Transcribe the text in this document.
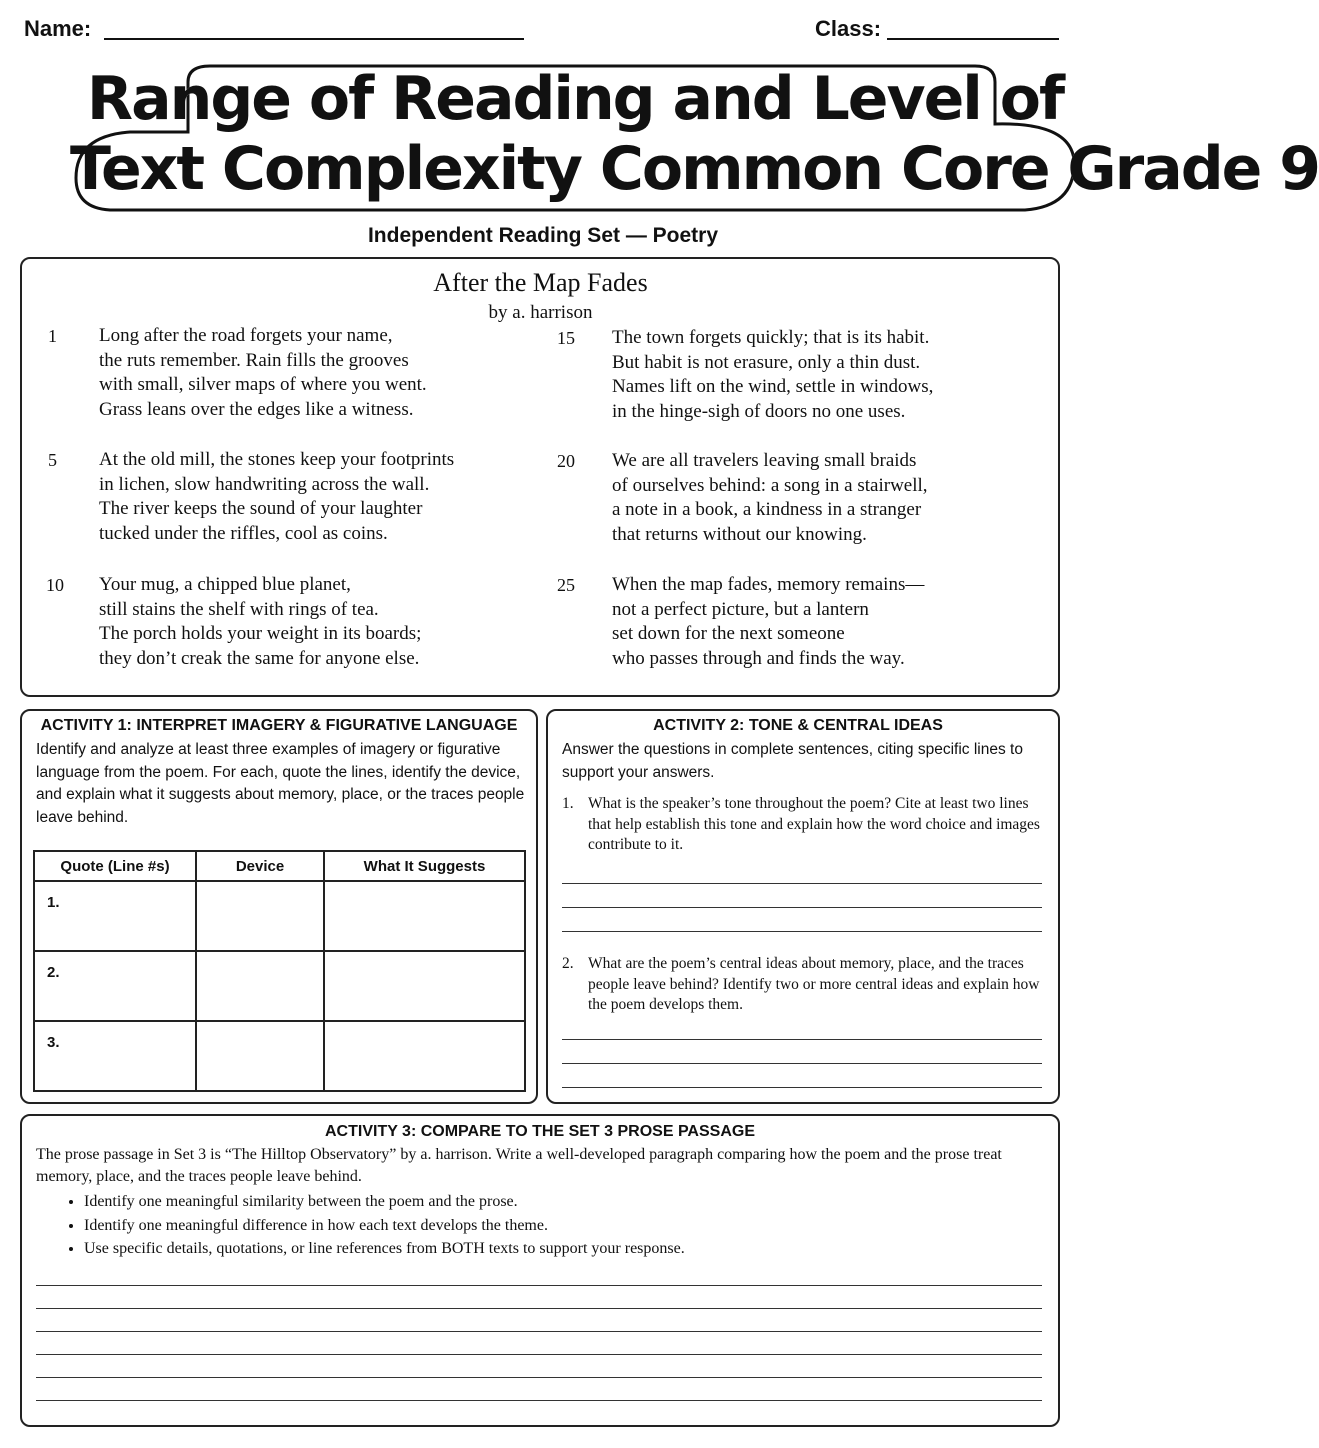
Name:	Class:
Range of Reading and Level of
Text Complexity Common Core Grade 9
Independent Reading Set — Poetry
After the Map Fades
by a. harrison
1 Long after the road forgets your name,
the ruts remember. Rain fills the grooves
with small, silver maps of where you went.
Grass leans over the edges like a witness.
5 At the old mill, the stones keep your footprints
in lichen, slow handwriting across the wall.
The river keeps the sound of your laughter
tucked under the riffles, cool as coins.
10 Your mug, a chipped blue planet,
still stains the shelf with rings of tea.
The porch holds your weight in its boards;
they don’t creak the same for anyone else.
15 The town forgets quickly; that is its habit.
But habit is not erasure, only a thin dust.
Names lift on the wind, settle in windows,
in the hinge-sigh of doors no one uses.
20 We are all travelers leaving small braids
of ourselves behind: a song in a stairwell,
a note in a book, a kindness in a stranger
that returns without our knowing.
25 When the map fades, memory remains—
not a perfect picture, but a lantern
set down for the next someone
who passes through and finds the way.
ACTIVITY 1: INTERPRET IMAGERY & FIGURATIVE LANGUAGE
Identify and analyze at least three examples of imagery or figurative language from the poem. For each, quote the lines, identify the device, and explain what it suggests about memory, place, or the traces people leave behind.
Quote (Line #s)	Device	What It Suggests

1.		

2.		

3.		

ACTIVITY 2: TONE & CENTRAL IDEAS
Answer the questions in complete sentences, citing specific lines to support your answers.
1. What is the speaker’s tone throughout the poem? Cite at least two lines that help establish this tone and explain how the word choice and images contribute to it.
2. What are the poem’s central ideas about memory, place, and the traces people leave behind? Identify two or more central ideas and explain how the poem develops them.
ACTIVITY 3: COMPARE TO THE SET 3 PROSE PASSAGE
The prose passage in Set 3 is “The Hilltop Observatory” by a. harrison. Write a well-developed paragraph comparing how the poem and the prose treat memory, place, and the traces people leave behind.
• Identify one meaningful similarity between the poem and the prose.
• Identify one meaningful difference in how each text develops the theme.
• Use specific details, quotations, or line references from BOTH texts to support your response.
